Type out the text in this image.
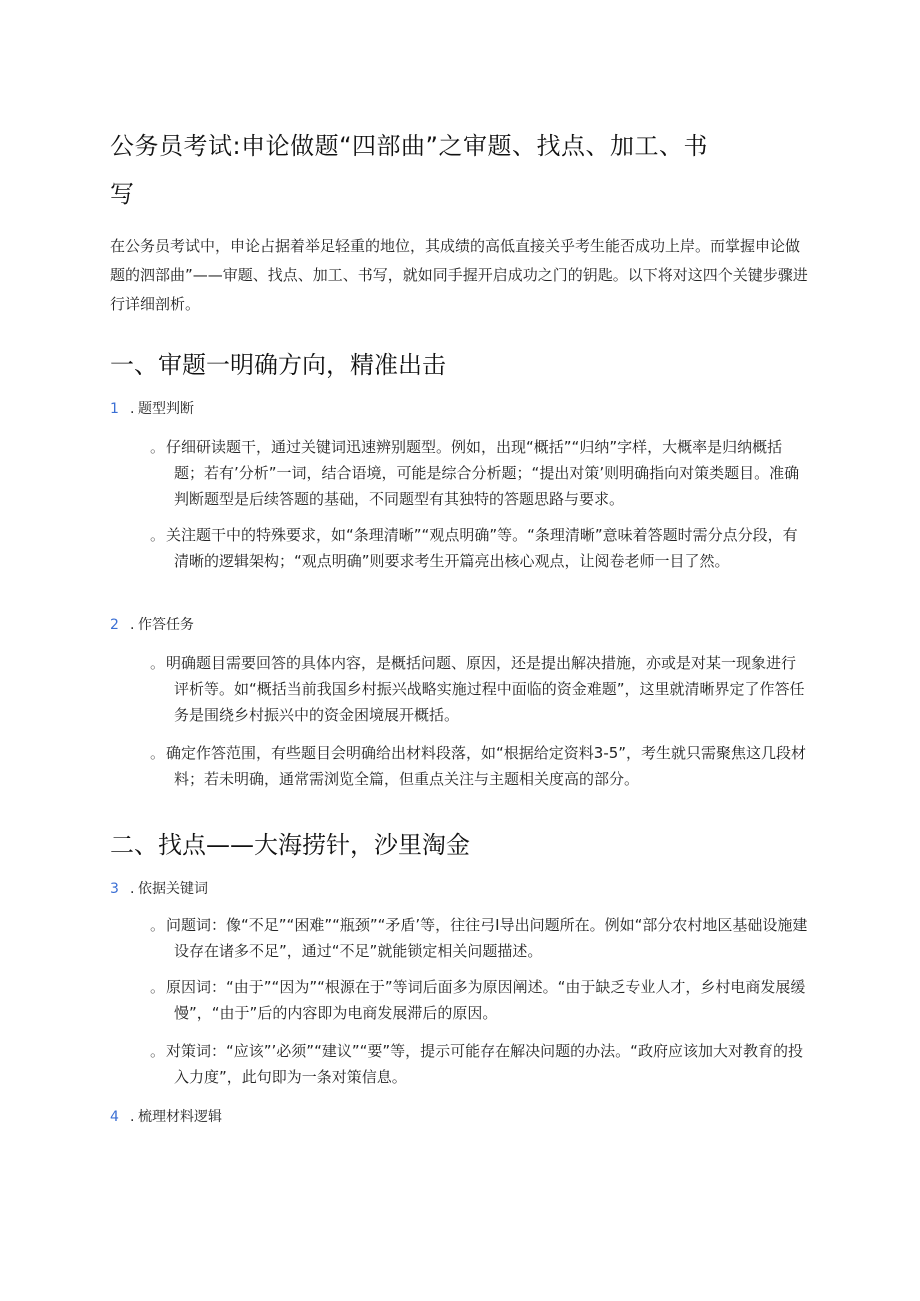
公务员考试:申论做题“四部曲”之审题、找点、加工、书写

在公务员考试中，申论占据着举足轻重的地位，其成绩的高低直接关乎考生能否成功上岸。而掌握申论做题的泗部曲”——审题、找点、加工、书写，就如同手握开启成功之门的钥匙。以下将对这四个关键步骤进行详细剖析。

一、审题一明确方向，精准出击
1 . 题型判断

。仔细研读题干，通过关键词迅速辨别题型。例如，出现“概括”“归纳”字样，大概率是归纳概括题；若有’分析”一词，结合语境，可能是综合分析题；“提出对策’则明确指向对策类题目。准确判断题型是后续答题的基础，不同题型有其独特的答题思路与要求。

。关注题干中的特殊要求，如“条理清晰”“观点明确”等。“条理清晰”意味着答题时需分点分段，有清晰的逻辑架构；“观点明确”则要求考生开篇亮出核心观点，让阅卷老师一目了然。

2 . 作答任务

。明确题目需要回答的具体内容，是概括问题、原因，还是提出解决措施，亦或是对某一现象进行评析等。如“概括当前我国乡村振兴战略实施过程中面临的资金难题”，这里就清晰界定了作答任务是围绕乡村振兴中的资金困境展开概括。

。确定作答范围，有些题目会明确给出材料段落，如“根据给定资料3-5”，考生就只需聚焦这几段材料；若未明确，通常需浏览全篇，但重点关注与主题相关度高的部分。

二、找点——大海捞针，沙里淘金
3 . 依据关键词

。问题词：像“不足”“困难”“瓶颈”“矛盾’等，往往弓I导出问题所在。例如“部分农村地区基础设施建设存在诸多不足”，通过“不足”就能锁定相关问题描述。

。原因词：“由于”“因为”“根源在于”等词后面多为原因阐述。“由于缺乏专业人才，乡村电商发展缓慢”，“由于”后的内容即为电商发展滞后的原因。

。对策词：“应该”’必须”“建议”“要”等，提示可能存在解决问题的办法。“政府应该加大对教育的投入力度”，此句即为一条对策信息。

4 . 梳理材料逻辑
